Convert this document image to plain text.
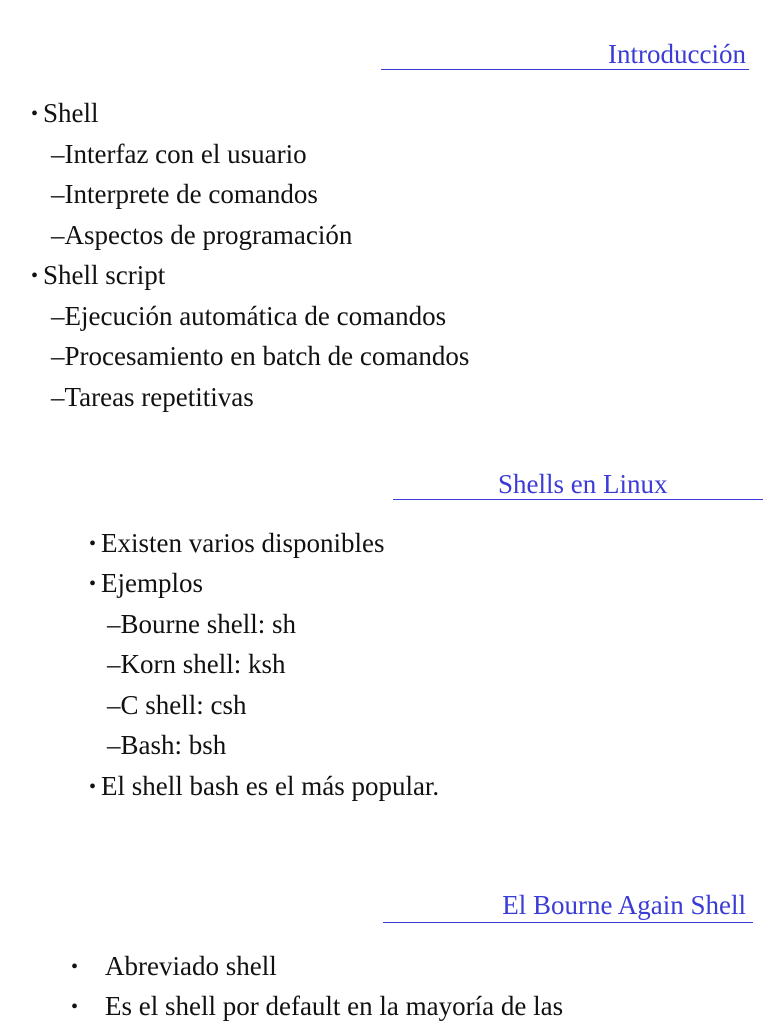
Introducción
• Shell
–Interfaz con el usuario
–Interprete de comandos
–Aspectos de programación
• Shell script
–Ejecución automática de comandos
–Procesamiento en batch de comandos
–Tareas repetitivas
Shells en Linux
• Existen varios disponibles
• Ejemplos
–Bourne shell: sh
–Korn shell: ksh
–C shell: csh
–Bash: bsh
• El shell bash es el más popular.
El Bourne Again Shell
• Abreviado shell
• Es el shell por default en la mayoría de las
